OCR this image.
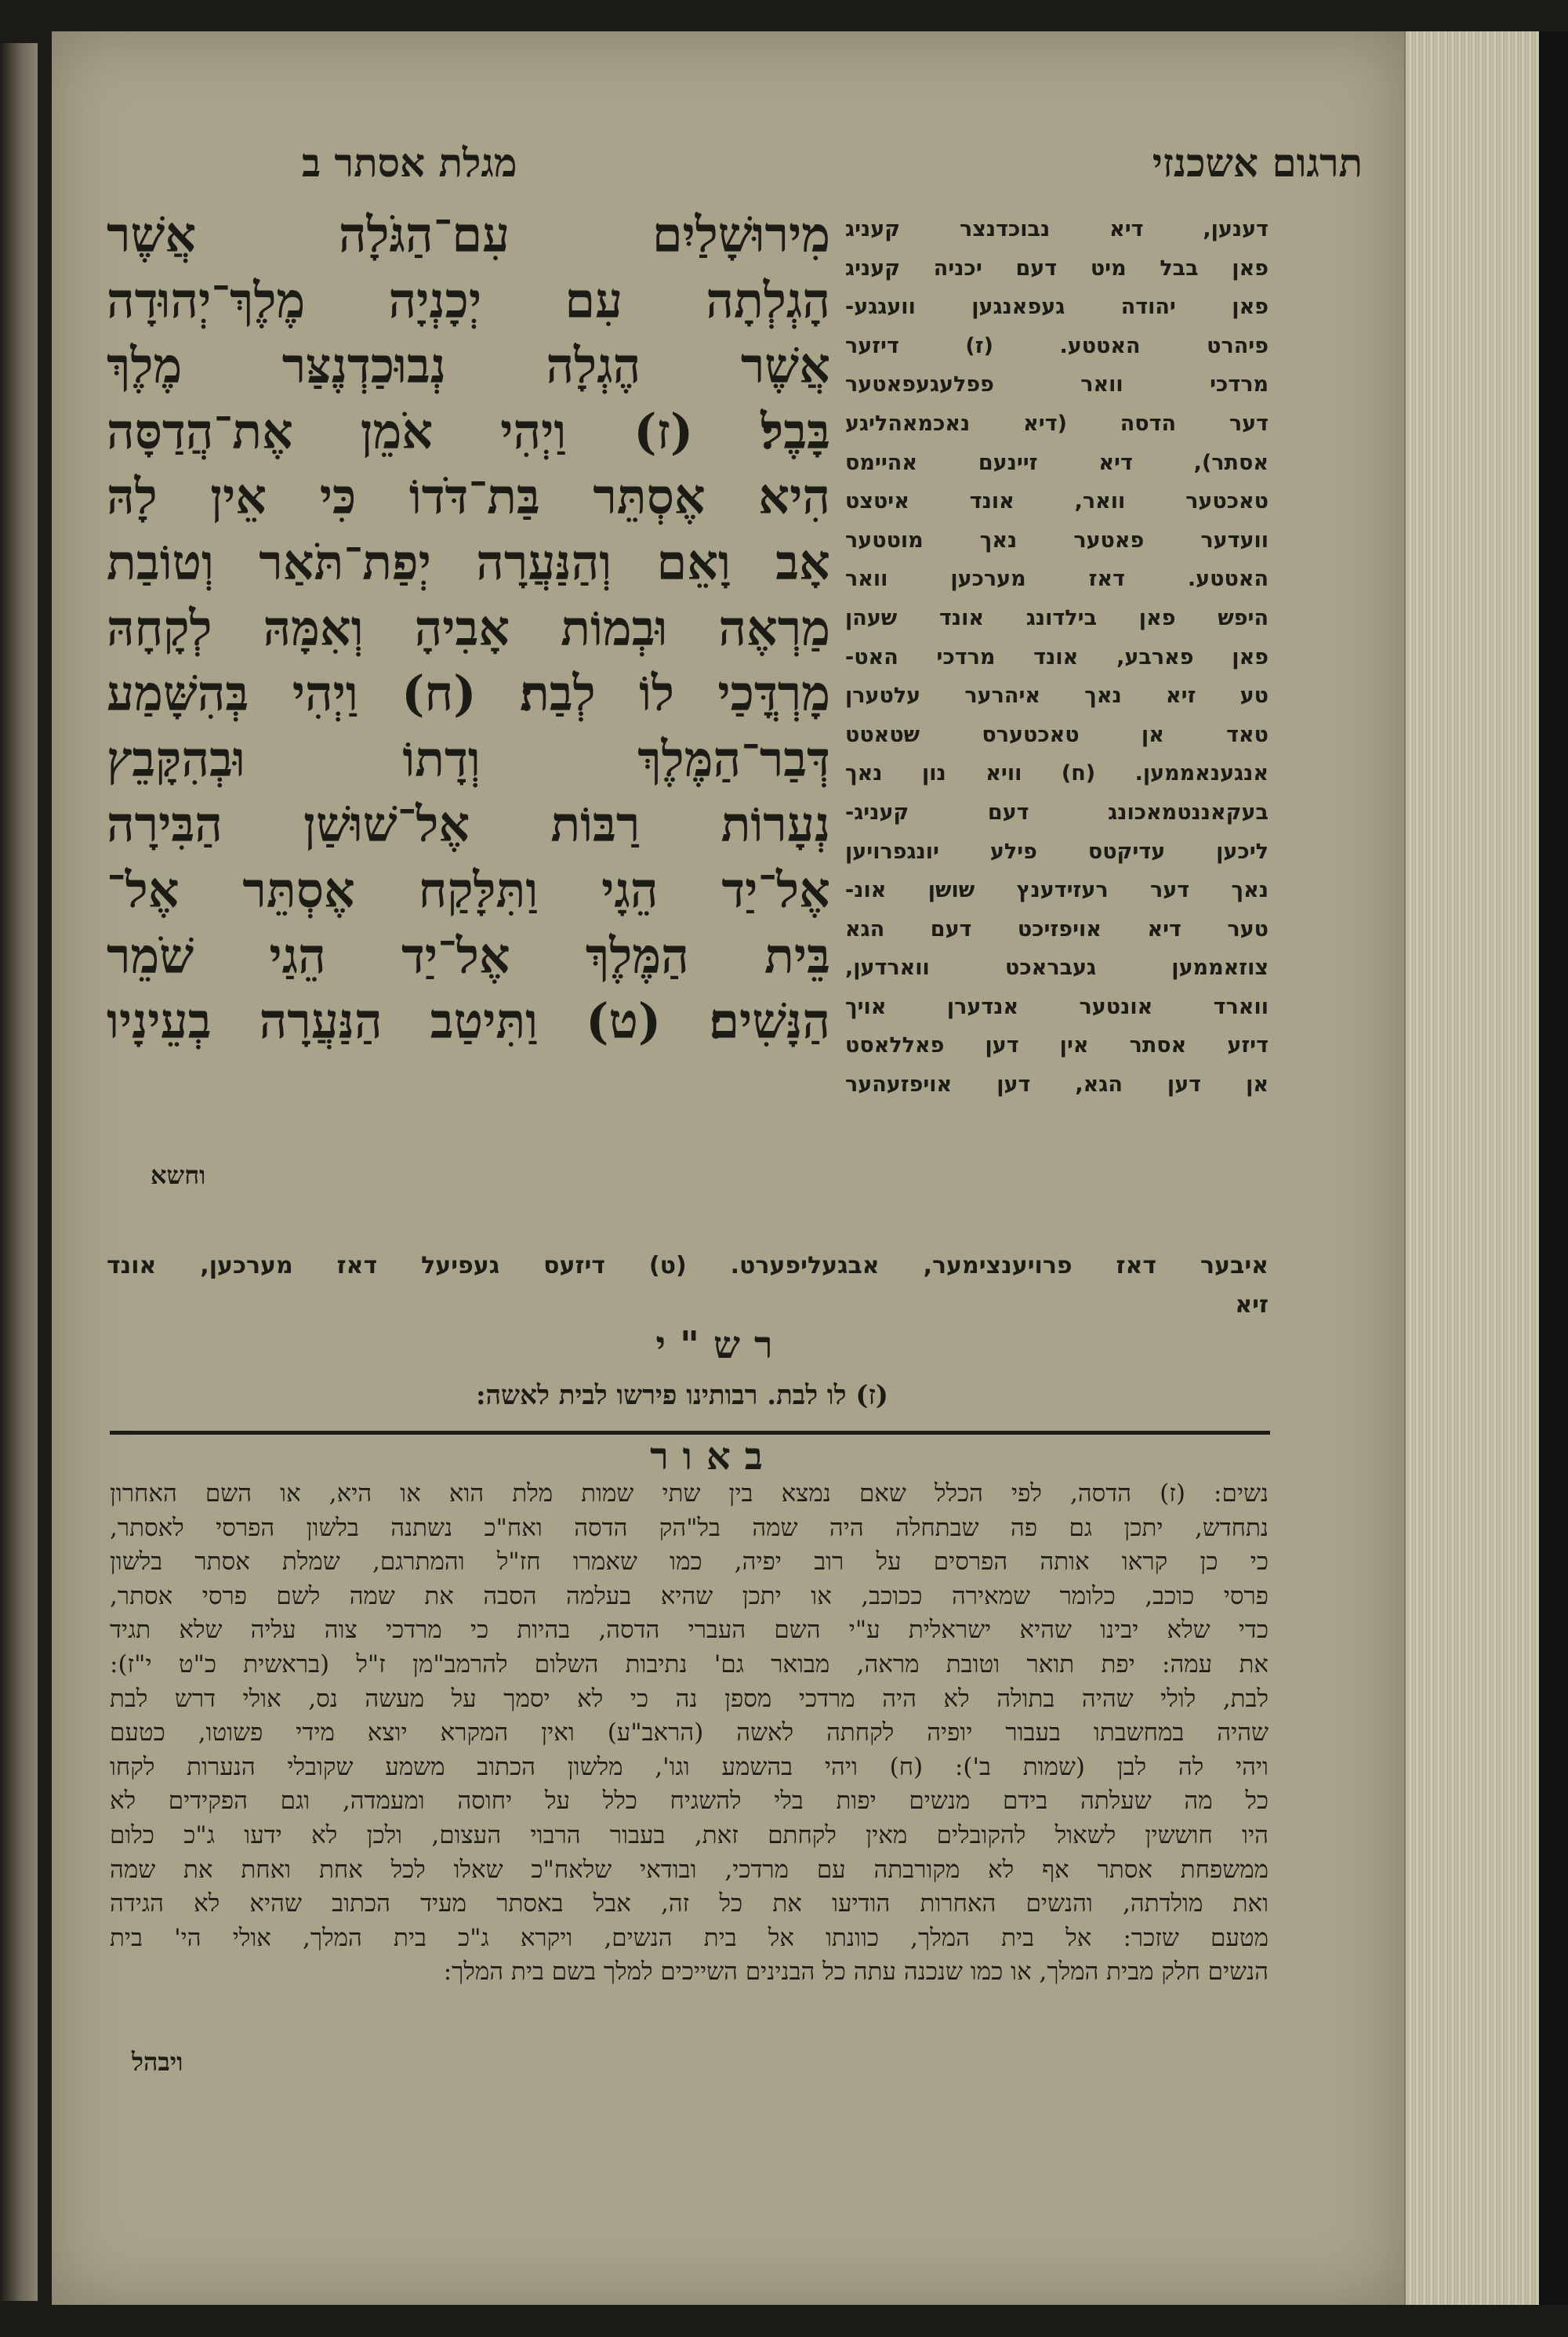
תרגום אשכנזי
מגלת אסתר ב
מִירוּשָׁלַיִם עִם־הַגֹּלָה אֲשֶׁר
הָגְלְתָה עִם יְכָנְיָה מֶלֶךְ־יְהוּדָה
אֲשֶׁר הֶגְלָה נְבוּכַדְנֶצַּר מֶלֶךְ
בָּבֶל׃ (ז) וַיְהִי אֹמֵן אֶת־הֲדַסָּה
הִיא אֶסְתֵּר בַּת־דֹּדוֹ כִּי אֵין לָהּ
אָב וָאֵם וְהַנַּעֲרָה יְפַת־תֹּאַר וְטוֹבַת
מַרְאֶה וּבְמוֹת אָבִיהָ וְאִמָּהּ לְקָחָהּ
מָרְדֳּכַי לוֹ לְבַת׃ (ח) וַיְהִי בְּהִשָּׁמַע
דְּבַר־הַמֶּלֶךְ וְדָתוֹ וּבְהִקָּבֵץ
נְעָרוֹת רַבּוֹת אֶל־שׁוּשַׁן הַבִּירָה
אֶל־יַד הֵגָי וַתִּלָּקַח אֶסְתֵּר אֶל־
בֵּית הַמֶּלֶךְ אֶל־יַד הֵגַי שֹׁמֵר
הַנָּשִׁים׃ (ט) וַתִּיטַב הַנַּעֲרָה בְעֵינָיו
וחשא
דענען, דיא נבוכדנצר קעניג
פאן בבל מיט דעם יכניה קעניג
פאן יהודה געפאנגען וועגגע-
פיהרט האטטע. (ז) דיזער
מרדכי וואר פפלעגעפאטער
דער הדסה (דיא נאכמאהליגע
אסתר), דיא זיינעם אהיימס
טאכטער וואר, אונד איטצט
וועדער פאטער נאך מוטטער
האטטע. דאז מערכען וואר
היפש פאן בילדונג אונד שעהן
פאן פארבע, אונד מרדכי האט-
טע זיא נאך איהרער עלטערן
טאד אן טאכטערס שטאטט
אנגענאממען. (ח) וויא נון נאך
בעקאננטמאכונג דעם קעניג-
ליכען עדיקטס פילע יונגפרויען
נאך דער רעזידענץ שושן אונ-
טער דיא אויפזיכט דעם הגא
צוזאממען געבראכט ווארדען,
ווארד אונטער אנדערן אויך
דיזע אסתר אין דען פאללאסט
אן דען הגא, דען אויפזעהער
איבער דאז פרויענצימער, אבגעליפערט. (ט) דיזעס געפיעל דאז מערכען, אונד
זיא
רש"י
(ז) לו לבת. רבותינו פירשו לבית לאשה:
באור
נשים: (ז) הדסה, לפי הכלל שאם נמצא בין שתי שמות מלת הוא או היא, או השם האחרון
נתחדש, יתכן גם פה שבתחלה היה שמה בל"הק הדסה ואח"כ נשתנה בלשון הפרסי לאסתר,
כי כן קראו אותה הפרסים על רוב יפיה, כמו שאמרו חז"ל והמתרגם, שמלת אסתר בלשון
פרסי כוכב, כלומר שמאירה ככוכב, או יתכן שהיא בעלמה הסבה את שמה לשם פרסי אסתר,
כדי שלא יבינו שהיא ישראלית ע"י השם העברי הדסה, בהיות כי מרדכי צוה עליה שלא תגיד
את עמה: יפת תואר וטובת מראה, מבואר גם' נתיבות השלום להרמב"מן ז"ל (בראשית כ"ט י"ז):
לבת, לולי שהיה בתולה לא היה מרדכי מספן נה כי לא יסמך על מעשה נס, אולי דרש לבת
שהיה במחשבתו בעבור יופיה לקחתה לאשה (הראב"ע) ואין המקרא יוצא מידי פשוטו, כטעם
ויהי לה לבן (שמות ב'): (ח) ויהי בהשמע וגו', מלשון הכתוב משמע שקובלי הנערות לקחו
כל מה שעלתה בידם מנשים יפות בלי להשגיח כלל על יחוסה ומעמדה, וגם הפקידים לא
היו חוששין לשאול להקובלים מאין לקחתם זאת, בעבור הרבוי העצום, ולכן לא ידעו ג"כ כלום
ממשפחת אסתר אף לא מקורבתה עם מרדכי, ובודאי שלאח"כ שאלו לכל אחת ואחת את שמה
ואת מולדתה, והנשים האחרות הודיעו את כל זה, אבל באסתר מעיד הכתוב שהיא לא הגידה
מטעם שזכר: אל בית המלך, כוונתו אל בית הנשים, ויקרא ג"כ בית המלך, אולי הי' בית
הנשים חלק מבית המלך, או כמו שנכנה עתה כל הבנינים השייכים למלך בשם בית המלך:
ויבהל
